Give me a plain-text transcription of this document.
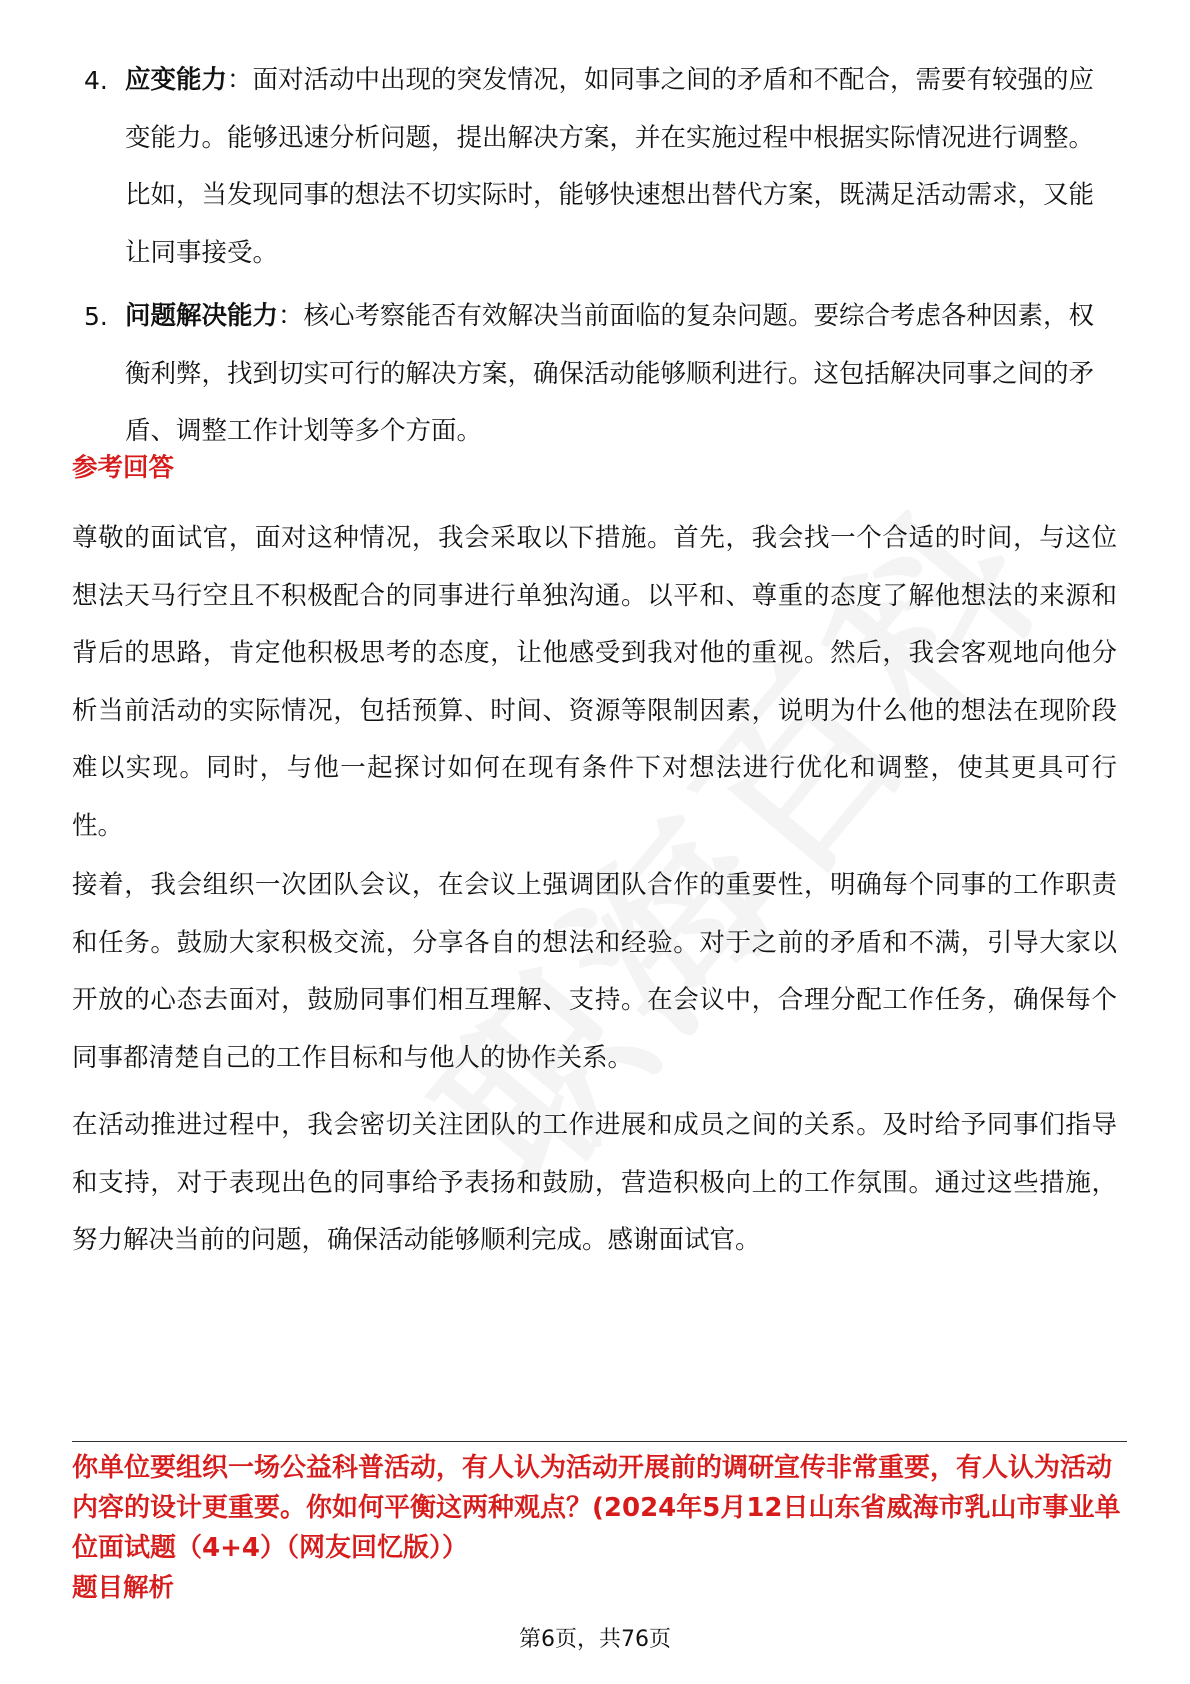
4. 应变能力：面对活动中出现的突发情况，如同事之间的矛盾和不配合，需要有较强的应变能力。能够迅速分析问题，提出解决方案，并在实施过程中根据实际情况进行调整。比如，当发现同事的想法不切实际时，能够快速想出替代方案，既满足活动需求，又能让同事接受。
5. 问题解决能力：核心考察能否有效解决当前面临的复杂问题。要综合考虑各种因素，权衡利弊，找到切实可行的解决方案，确保活动能够顺利进行。这包括解决同事之间的矛盾、调整工作计划等多个方面。
参考回答
尊敬的面试官，面对这种情况，我会采取以下措施。首先，我会找一个合适的时间，与这位想法天马行空且不积极配合的同事进行单独沟通。以平和、尊重的态度了解他想法的来源和背后的思路，肯定他积极思考的态度，让他感受到我对他的重视。然后，我会客观地向他分析当前活动的实际情况，包括预算、时间、资源等限制因素，说明为什么他的想法在现阶段难以实现。同时，与他一起探讨如何在现有条件下对想法进行优化和调整，使其更具可行性。
接着，我会组织一次团队会议，在会议上强调团队合作的重要性，明确每个同事的工作职责和任务。鼓励大家积极交流，分享各自的想法和经验。对于之前的矛盾和不满，引导大家以开放的心态去面对，鼓励同事们相互理解、支持。在会议中，合理分配工作任务，确保每个同事都清楚自己的工作目标和与他人的协作关系。
在活动推进过程中，我会密切关注团队的工作进展和成员之间的关系。及时给予同事们指导和支持，对于表现出色的同事给予表扬和鼓励，营造积极向上的工作氛围。通过这些措施，努力解决当前的问题，确保活动能够顺利完成。感谢面试官。
你单位要组织一场公益科普活动，有人认为活动开展前的调研宣传非常重要，有人认为活动内容的设计更重要。你如何平衡这两种观点？(2024年5月12日山东省威海市乳山市事业单位面试题（4+4）（网友回忆版））
题目解析
第6页，共76页
